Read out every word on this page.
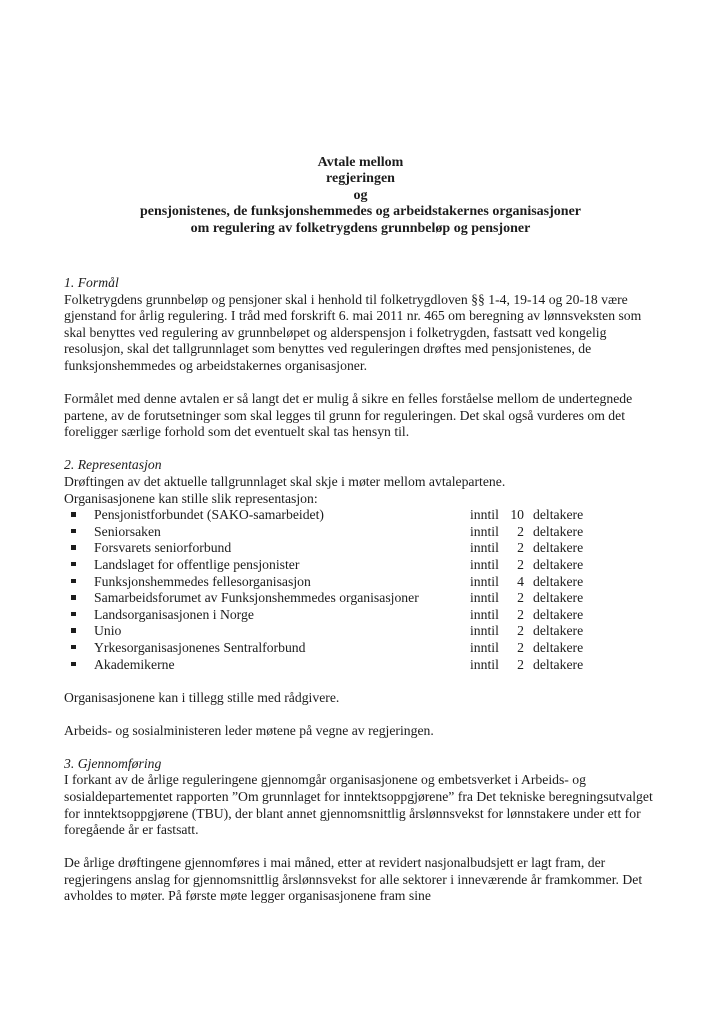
Avtale mellom
regjeringen
og
pensjonistenes, de funksjonshemmedes og arbeidstakernes organisasjoner
om regulering av folketrygdens grunnbeløp og pensjoner
1. Formål

Folketrygdens grunnbeløp og pensjoner skal i henhold til folketrygdloven §§ 1-4, 19-14 og 20-18 være gjenstand for årlig regulering. I tråd med forskrift 6. mai 2011 nr. 465 om beregning av lønnsveksten som skal benyttes ved regulering av grunnbeløpet og alderspensjon i folketrygden, fastsatt ved kongelig resolusjon, skal det tallgrunnlaget som benyttes ved reguleringen drøftes med pensjonistenes, de funksjonshemmedes og arbeidstakernes organisasjoner.

Formålet med denne avtalen er så langt det er mulig å sikre en felles forståelse mellom de undertegnede partene, av de forutsetninger som skal legges til grunn for reguleringen. Det skal også vurderes om det foreligger særlige forhold som det eventuelt skal tas hensyn til.

2. Representasjon

Drøftingen av det aktuelle tallgrunnlaget skal skje i møter mellom avtalepartene.

Organisasjonene kan stille slik representasjon:

Pensjonistforbundet (SAKO-samarbeidet)	inntil 10 deltakere
Seniorsaken	inntil	2 deltakere
Forsvarets seniorforbund	inntil	2 deltakere
Landslaget for offentlige pensjonister	inntil	2 deltakere
Funksjonshemmedes fellesorganisasjon	inntil	4 deltakere
Samarbeidsforumet av Funksjonshemmedes organisasjoner	inntil	2 deltakere
Landsorganisasjonen i Norge	inntil	2 deltakere
Unio	inntil	2 deltakere
Yrkesorganisasjonenes Sentralforbund	inntil	2 deltakere
Akademikerne	inntil	2 deltakere

Organisasjonene kan i tillegg stille med rådgivere.

Arbeids- og sosialministeren leder møtene på vegne av regjeringen.

3. Gjennomføring

I forkant av de årlige reguleringene gjennomgår organisasjonene og embetsverket i Arbeids- og sosialdepartementet rapporten ”Om grunnlaget for inntektsoppgjørene” fra Det tekniske beregningsutvalget for inntektsoppgjørene (TBU), der blant annet gjennomsnittlig årslønnsvekst for lønnstakere under ett for foregående år er fastsatt.

De årlige drøftingene gjennomføres i mai måned, etter at revidert nasjonalbudsjett er lagt fram, der regjeringens anslag for gjennomsnittlig årslønnsvekst for alle sektorer i inneværende år framkommer. Det avholdes to møter. På første møte legger organisasjonene fram sine
